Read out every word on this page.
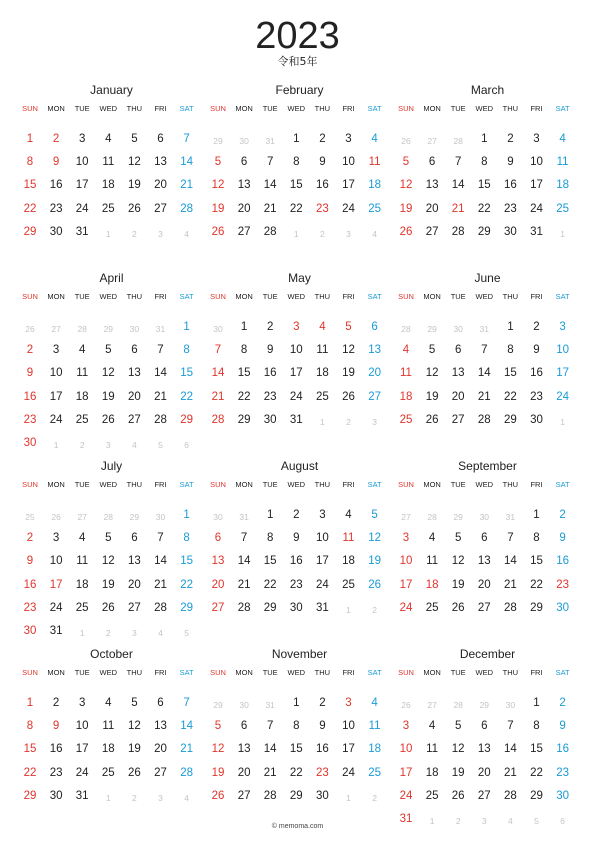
2023
令和5年
January
SUN	MON	TUE	WED	THU	FRI	SAT
1	2	3	4	5	6	7
8	9	10	11	12	13	14
15	16	17	18	19	20	21
22	23	24	25	26	27	28
29	30	31	1	2	3	4
February
SUN	MON	TUE	WED	THU	FRI	SAT
29	30	31	1	2	3	4
5	6	7	8	9	10	11
12	13	14	15	16	17	18
19	20	21	22	23	24	25
26	27	28	1	2	3	4
March
SUN	MON	TUE	WED	THU	FRI	SAT
26	27	28	1	2	3	4
5	6	7	8	9	10	11
12	13	14	15	16	17	18
19	20	21	22	23	24	25
26	27	28	29	30	31	1
April
SUN	MON	TUE	WED	THU	FRI	SAT
26	27	28	29	30	31	1
2	3	4	5	6	7	8
9	10	11	12	13	14	15
16	17	18	19	20	21	22
23	24	25	26	27	28	29
30	1	2	3	4	5	6
May
SUN	MON	TUE	WED	THU	FRI	SAT
30	1	2	3	4	5	6
7	8	9	10	11	12	13
14	15	16	17	18	19	20
21	22	23	24	25	26	27
28	29	30	31	1	2	3
June
SUN	MON	TUE	WED	THU	FRI	SAT
28	29	30	31	1	2	3
4	5	6	7	8	9	10
11	12	13	14	15	16	17
18	19	20	21	22	23	24
25	26	27	28	29	30	1
July
SUN	MON	TUE	WED	THU	FRI	SAT
25	26	27	28	29	30	1
2	3	4	5	6	7	8
9	10	11	12	13	14	15
16	17	18	19	20	21	22
23	24	25	26	27	28	29
30	31	1	2	3	4	5
August
SUN	MON	TUE	WED	THU	FRI	SAT
30	31	1	2	3	4	5
6	7	8	9	10	11	12
13	14	15	16	17	18	19
20	21	22	23	24	25	26
27	28	29	30	31	1	2
September
SUN	MON	TUE	WED	THU	FRI	SAT
27	28	29	30	31	1	2
3	4	5	6	7	8	9
10	11	12	13	14	15	16
17	18	19	20	21	22	23
24	25	26	27	28	29	30
October
SUN	MON	TUE	WED	THU	FRI	SAT
1	2	3	4	5	6	7
8	9	10	11	12	13	14
15	16	17	18	19	20	21
22	23	24	25	26	27	28
29	30	31	1	2	3	4
November
SUN	MON	TUE	WED	THU	FRI	SAT
29	30	31	1	2	3	4
5	6	7	8	9	10	11
12	13	14	15	16	17	18
19	20	21	22	23	24	25
26	27	28	29	30	1	2
December
SUN	MON	TUE	WED	THU	FRI	SAT
26	27	28	29	30	1	2
3	4	5	6	7	8	9
10	11	12	13	14	15	16
17	18	19	20	21	22	23
24	25	26	27	28	29	30
31	1	2	3	4	5	6
© memoma.com
